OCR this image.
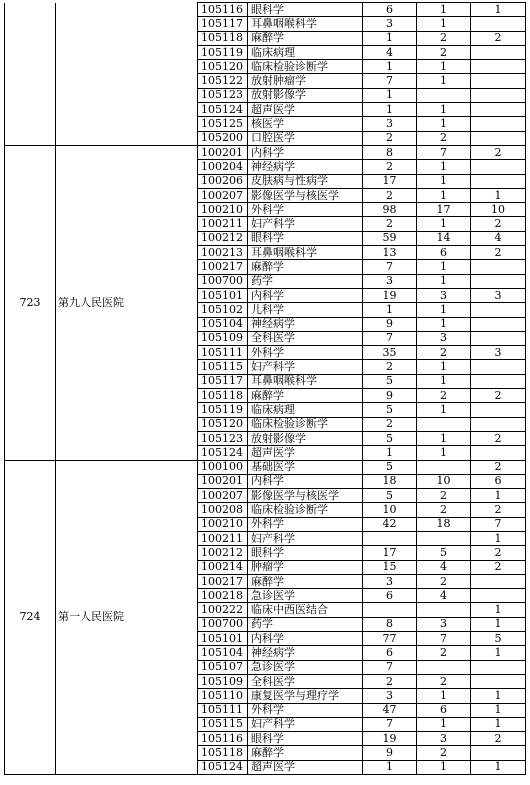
		105116	眼科学	6	1	1
		105117	耳鼻咽喉科学	3	1	
		105118	麻醉学	1	2	2
		105119	临床病理	4	2	
		105120	临床检验诊断学	1	1	
		105122	放射肿瘤学	7	1	
		105123	放射影像学	1		
		105124	超声医学	1	1	
		105125	核医学	3	1	
		105200	口腔医学	2	2	
723	第九人民医院	100201	内科学	8	7	2
		100204	神经病学	2	1	
		100206	皮肤病与性病学	17	1	
		100207	影像医学与核医学	2	1	1
		100210	外科学	98	17	10
		100211	妇产科学	2	1	2
		100212	眼科学	59	14	4
		100213	耳鼻咽喉科学	13	6	2
		100217	麻醉学	7	1	
		100700	药学	3	1	
		105101	内科学	19	3	3
		105102	儿科学	1	1	
		105104	神经病学	9	1	
		105109	全科医学	7	3	
		105111	外科学	35	2	3
		105115	妇产科学	2	1	
		105117	耳鼻咽喉科学	5	1	
		105118	麻醉学	9	2	2
		105119	临床病理	5	1	
		105120	临床检验诊断学	2		
		105123	放射影像学	5	1	2
		105124	超声医学	1	1	
724	第一人民医院	100100	基础医学	5		2
		100201	内科学	18	10	6
		100207	影像医学与核医学	5	2	1
		100208	临床检验诊断学	10	2	2
		100210	外科学	42	18	7
		100211	妇产科学			1
		100212	眼科学	17	5	2
		100214	肿瘤学	15	4	2
		100217	麻醉学	3	2	
		100218	急诊医学	6	4	
		100222	临床中西医结合			1
		100700	药学	8	3	1
		105101	内科学	77	7	5
		105104	神经病学	6	2	1
		105107	急诊医学	7		
		105109	全科医学	2	2	
		105110	康复医学与理疗学	3	1	1
		105111	外科学	47	6	1
		105115	妇产科学	7	1	1
		105116	眼科学	19	3	2
		105118	麻醉学	9	2	
		105124	超声医学	1	1	1
